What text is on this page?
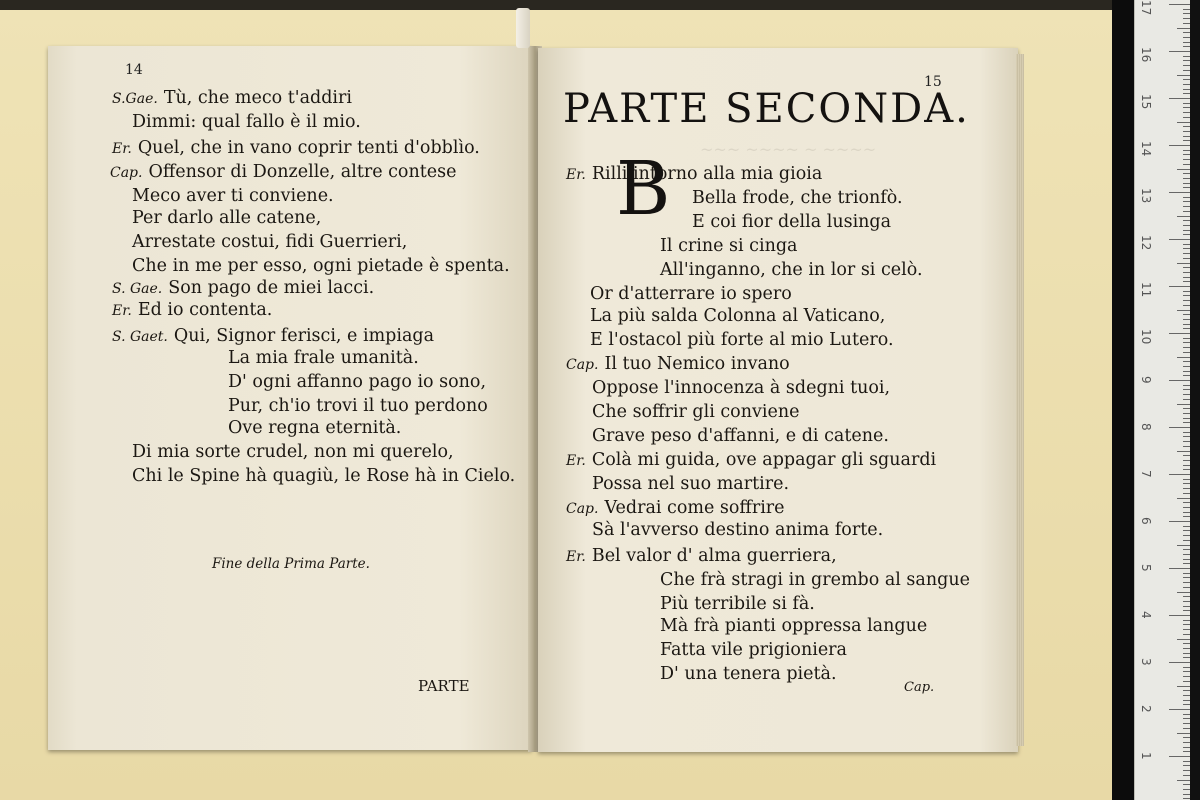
~~~ ~~~~ ~ ~~~~
S.Gae. Tù, che meco t'addiri
Dimmi: qual fallo è il mio.
Er. Quel, che in vano coprir tenti d'obblìo.
Cap. Offensor di Donzelle, altre contese
Meco aver ti conviene.
Per darlo alle catene,
Arrestate costui, fidi Guerrieri,
Che in me per esso, ogni pietade è spenta.
S. Gae. Son pago de miei lacci.
Er. Ed io contenta.
S. Gaet. Qui, Signor ferisci, e impiaga
La mia frale umanità.
D' ogni affanno pago io sono,
Pur, ch'io trovi il tuo perdono
Ove regna eternità.
Di mia sorte crudel, non mi querelo,
Chi le Spine hà quagiù, le Rose hà in Cielo.
Er. Rilli intorno alla mia gioia
Bella frode, che trionfò.
E coi fior della lusinga
Il crine si cinga
All'inganno, che in lor si celò.
Or d'atterrare io spero
La più salda Colonna al Vaticano,
E l'ostacol più forte al mio Lutero.
Cap. Il tuo Nemico invano
Oppose l'innocenza à sdegni tuoi,
Che soffrir gli conviene
Grave peso d'affanni, e di catene.
Er. Colà mi guida, ove appagar gli sguardi
Possa nel suo martire.
Cap. Vedrai come soffrire
Sà l'avverso destino anima forte.
Er. Bel valor d' alma guerriera,
Che frà stragi in grembo al sangue
Più terribile si fà.
Mà frà pianti oppressa langue
Fatta vile prigioniera
D' una tenera pietà.
14
15
PARTE SECONDA.
B
Fine della Prima Parte.
PARTE	Cap.
17
16
15
14
13
12
11
10
9
8
7
6
5
4
3
2
1
